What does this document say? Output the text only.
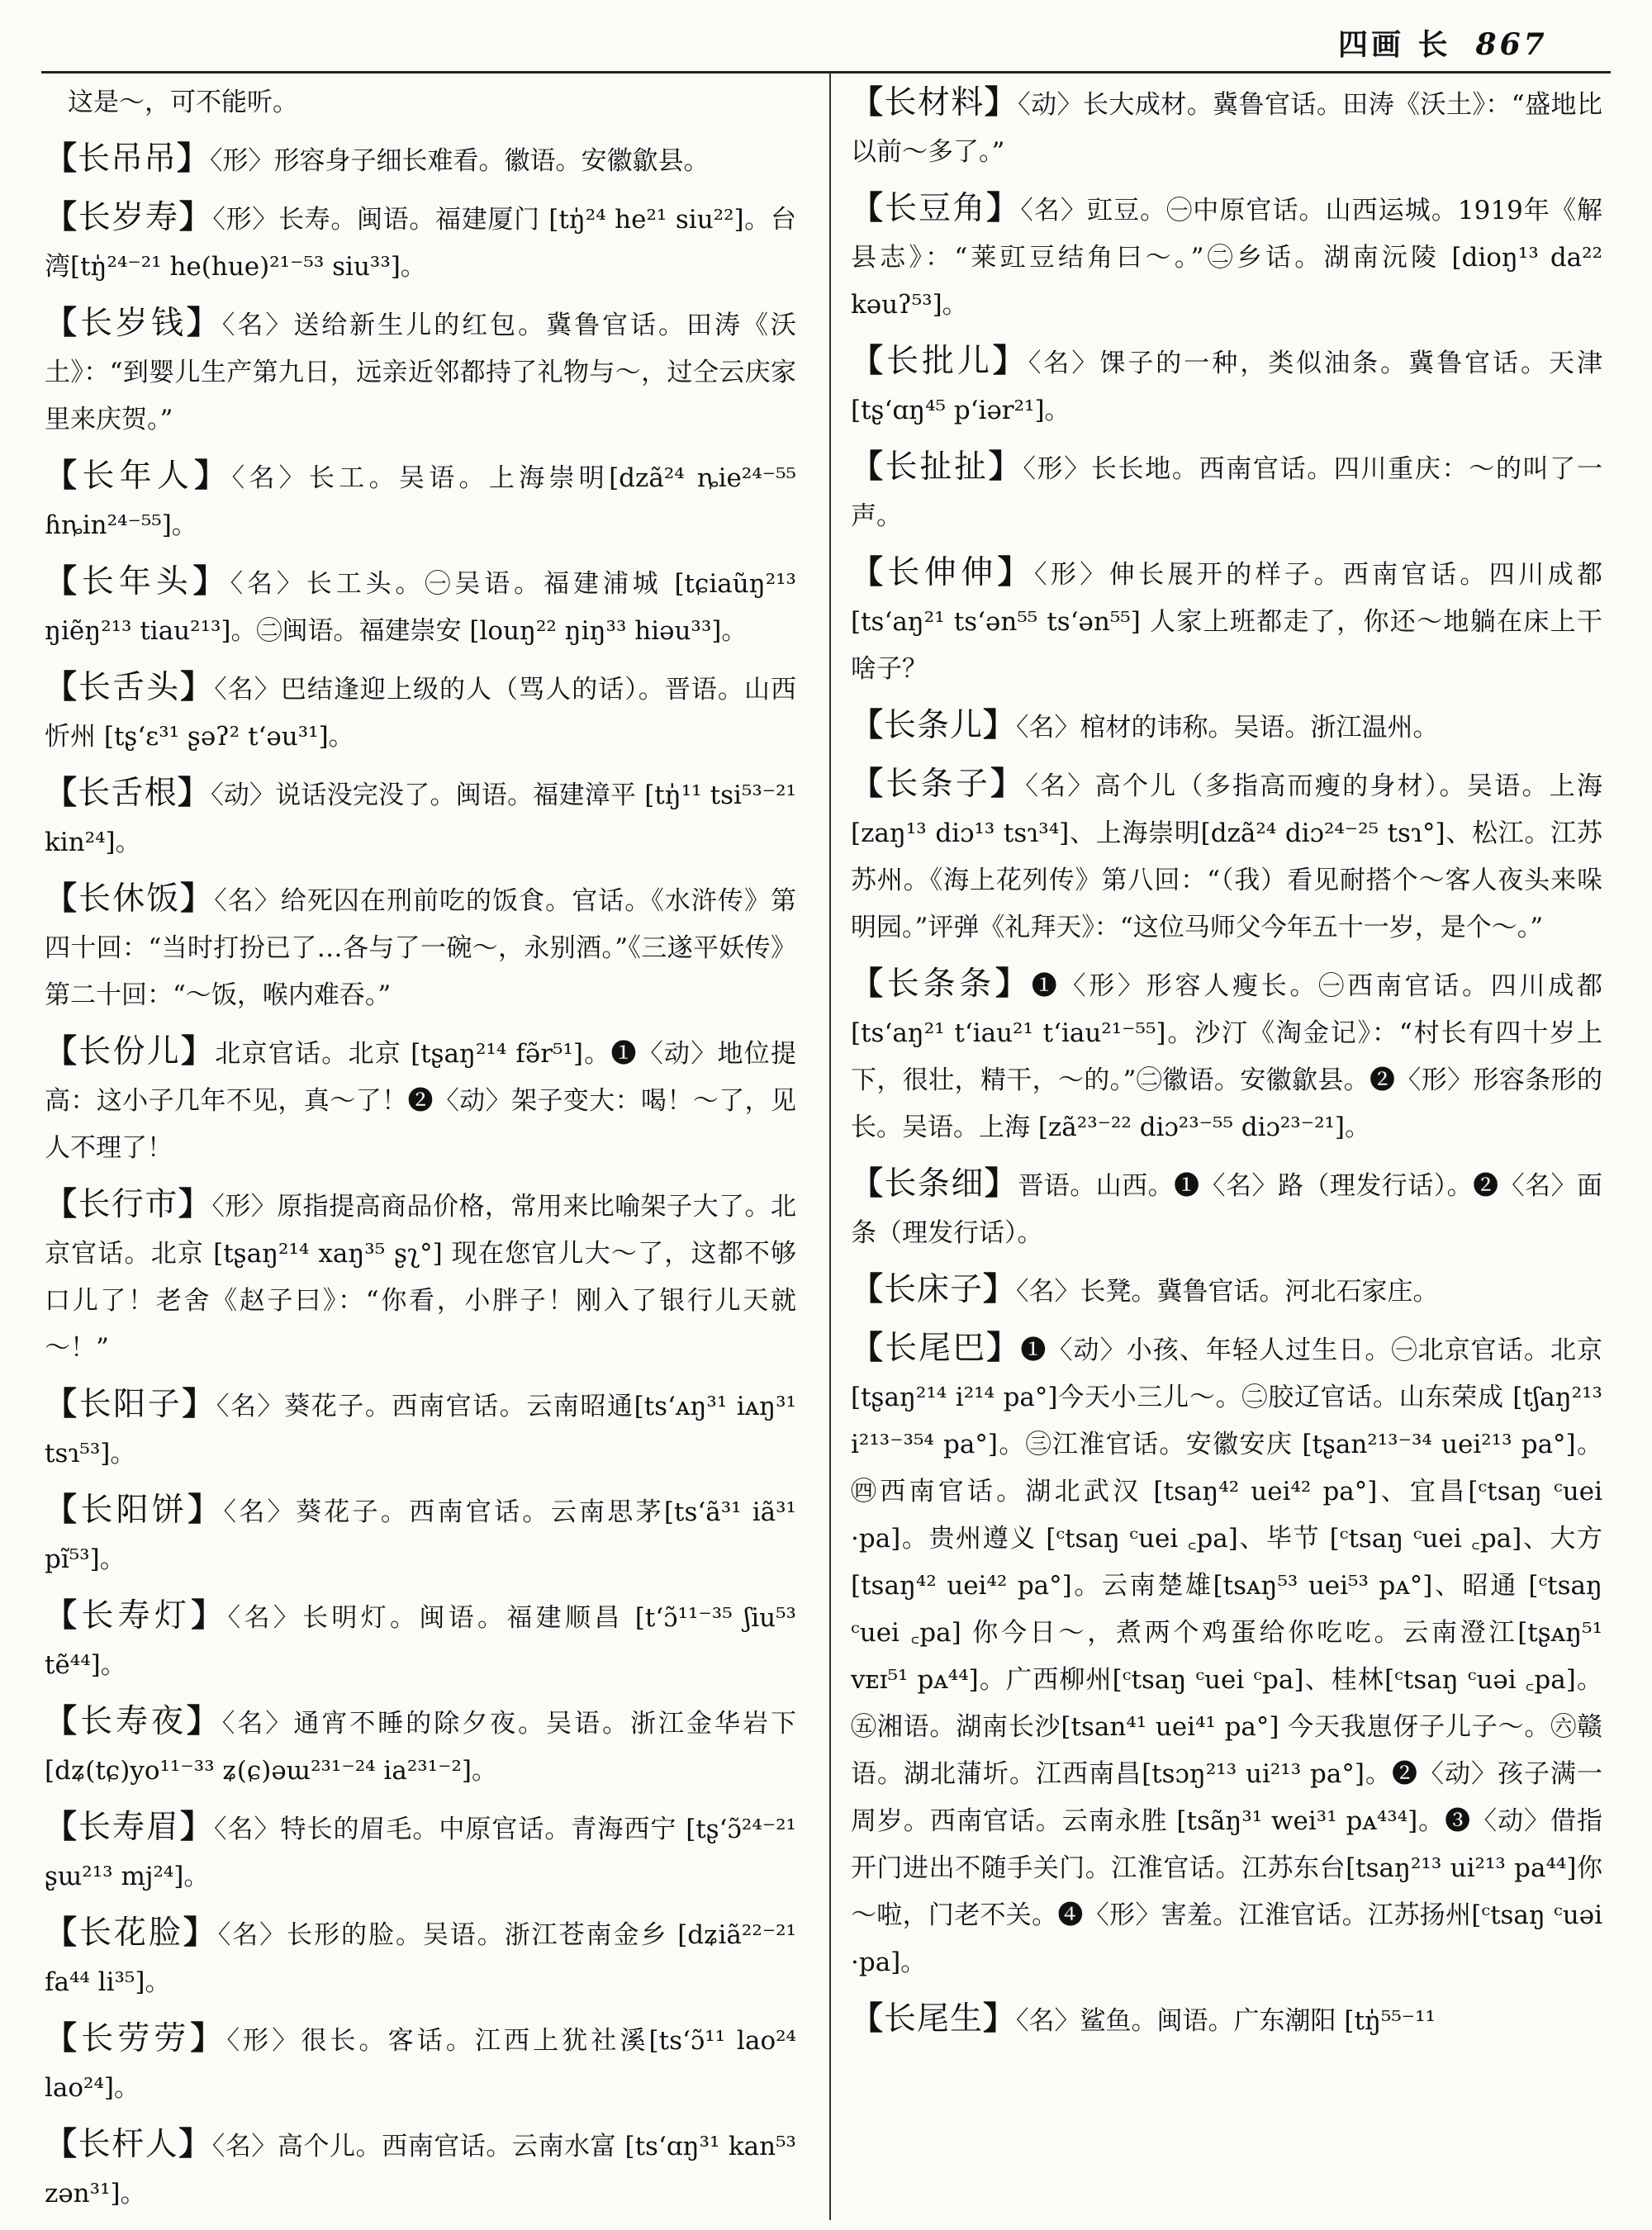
四画 长 867

这是～，可不能听。

【长吊吊】〈形〉形容身子细长难看。徽语。安徽歙县。

【长岁寿】〈形〉长寿。闽语。福建厦门 [tŋ̍²⁴ he²¹ siu²²]。台湾[tŋ̍²⁴⁻²¹ he(hue)²¹⁻⁵³ siu³³]。

【长岁钱】〈名〉送给新生儿的红包。冀鲁官话。田涛《沃土》：“到婴儿生产第九日，远亲近邻都持了礼物与～，过仝云庆家里来庆贺。”

【长年人】〈名〉长工。吴语。上海崇明[dzã²⁴ ȵie²⁴⁻⁵⁵ ɦȵin²⁴⁻⁵⁵]。

【长年头】〈名〉长工头。㊀吴语。福建浦城 [tɕiaũŋ²¹³ ŋiẽŋ²¹³ tiau²¹³]。㊁闽语。福建崇安 [louŋ²² ŋiŋ³³ hiəu³³]。

【长舌头】〈名〉巴结逢迎上级的人（骂人的话）。晋语。山西忻州 [tʂʻɛ³¹ ʂəʔ² tʻəu³¹]。

【长舌根】〈动〉说话没完没了。闽语。福建漳平 [tŋ̍¹¹ tsi⁵³⁻²¹ kin²⁴]。

【长休饭】〈名〉给死囚在刑前吃的饭食。官话。《水浒传》第四十回：“当时打扮已了…各与了一碗～，永别酒。”《三遂平妖传》第二十回：“～饭，喉内难吞。”

【长份儿】北京官话。北京 [tʂaŋ²¹⁴ fə̃r⁵¹]。❶〈动〉地位提高：这小子几年不见，真～了！❷〈动〉架子变大：喝！～了，见人不理了！

【长行市】〈形〉原指提高商品价格，常用来比喻架子大了。北京官话。北京 [tʂaŋ²¹⁴ xaŋ³⁵ ʂʅ°] 现在您官儿大～了，这都不够口儿了！老舍《赵子曰》：“你看，小胖子！刚入了银行儿天就～！”

【长阳子】〈名〉葵花子。西南官话。云南昭通[tsʻᴀŋ³¹ iᴀŋ³¹ tsɿ⁵³]。

【长阳饼】〈名〉葵花子。西南官话。云南思茅[tsʻã³¹ iã³¹ pĩ⁵³]。

【长寿灯】〈名〉长明灯。闽语。福建顺昌 [tʻɔ̃¹¹⁻³⁵ ʃiu⁵³ tẽ⁴⁴]。

【长寿夜】〈名〉通宵不睡的除夕夜。吴语。浙江金华岩下 [dʑ(tɕ)yo¹¹⁻³³ ʑ(ɕ)əɯ²³¹⁻²⁴ ia²³¹⁻²]。

【长寿眉】〈名〉特长的眉毛。中原官话。青海西宁 [tʂʻɔ̃²⁴⁻²¹ ʂɯ²¹³ mj²⁴]。

【长花脸】〈名〉长形的脸。吴语。浙江苍南金乡 [dʑiã²²⁻²¹ fa⁴⁴ li³⁵]。

【长劳劳】〈形〉很长。客话。江西上犹社溪[tsʻɔ̃¹¹ lao²⁴ lao²⁴]。

【长杆人】〈名〉高个儿。西南官话。云南水富 [tsʻɑŋ³¹ kan⁵³ zən³¹]。

【长材料】〈动〉长大成材。冀鲁官话。田涛《沃土》：“盛地比以前～多了。”

【长豆角】〈名〉豇豆。㊀中原官话。山西运城。1919年《解县志》：“莱豇豆结角曰～。”㊁乡话。湖南沅陵 [dioŋ¹³ da²² kəuʔ⁵³]。

【长批儿】〈名〉馃子的一种，类似油条。冀鲁官话。天津 [tʂʻɑŋ⁴⁵ pʻiər²¹]。

【长扯扯】〈形〉长长地。西南官话。四川重庆：～的叫了一声。

【长伸伸】〈形〉伸长展开的样子。西南官话。四川成都 [tsʻaŋ²¹ tsʻən⁵⁵ tsʻən⁵⁵] 人家上班都走了，你还～地躺在床上干啥子？

【长条儿】〈名〉棺材的讳称。吴语。浙江温州。

【长条子】〈名〉高个儿（多指高而瘦的身材）。吴语。上海 [zaŋ¹³ diɔ¹³ tsɿ³⁴]、上海崇明[dzã²⁴ diɔ²⁴⁻²⁵ tsɿ°]、松江。江苏苏州。《海上花列传》第八回：“（我）看见耐搭个～客人夜头来哚明园。”评弹《礼拜天》：“这位马师父今年五十一岁，是个～。”

【长条条】❶〈形〉形容人瘦长。㊀西南官话。四川成都 [tsʻaŋ²¹ tʻiau²¹ tʻiau²¹⁻⁵⁵]。沙汀《淘金记》：“村长有四十岁上下，很壮，精干，～的。”㊁徽语。安徽歙县。❷〈形〉形容条形的长。吴语。上海 [zã²³⁻²² diɔ²³⁻⁵⁵ diɔ²³⁻²¹]。

【长条细】晋语。山西。❶〈名〉路（理发行话）。❷〈名〉面条（理发行话）。

【长床子】〈名〉长凳。冀鲁官话。河北石家庄。

【长尾巴】❶〈动〉小孩、年轻人过生日。㊀北京官话。北京 [tʂaŋ²¹⁴ i²¹⁴ pa°]今天小三儿～。㊁胶辽官话。山东荣成 [tʃaŋ²¹³ i²¹³⁻³⁵⁴ pa°]。㊂江淮官话。安徽安庆 [tʂan²¹³⁻³⁴ uei²¹³ pa°]。㊃西南官话。湖北武汉 [tsaŋ⁴² uei⁴² pa°]、宜昌[ᶜtsaŋ ᶜuei ·pa]。贵州遵义 [ᶜtsaŋ ᶜuei ꜀pa]、毕节 [ᶜtsaŋ ᶜuei ꜀pa]、大方 [tsaŋ⁴² uei⁴² pa°]。云南楚雄[tsᴀŋ⁵³ uei⁵³ pᴀ°]、昭通 [ᶜtsaŋ ᶜuei ꜀pa] 你今日～，煮两个鸡蛋给你吃吃。云南澄江[tʂᴀŋ⁵¹ vᴇɪ⁵¹ pᴀ⁴⁴]。广西柳州[ᶜtsaŋ ᶜuei ᶜpa]、桂林[ᶜtsaŋ ᶜuəi ꜀pa]。㊄湘语。湖南长沙[tsan⁴¹ uei⁴¹ pa°] 今天我崽伢子儿子～。㊅赣语。湖北蒲圻。江西南昌[tsɔŋ²¹³ ui²¹³ pa°]。❷〈动〉孩子满一周岁。西南官话。云南永胜 [tsãŋ³¹ wei³¹ pᴀ⁴³⁴]。❸〈动〉借指开门进出不随手关门。江淮官话。江苏东台[tsaŋ²¹³ ui²¹³ pa⁴⁴]你～啦，门老不关。❹〈形〉害羞。江淮官话。江苏扬州[ᶜtsaŋ ᶜuəi ·pa]。

【长尾生】〈名〉鲨鱼。闽语。广东潮阳 [tŋ̍⁵⁵⁻¹¹
